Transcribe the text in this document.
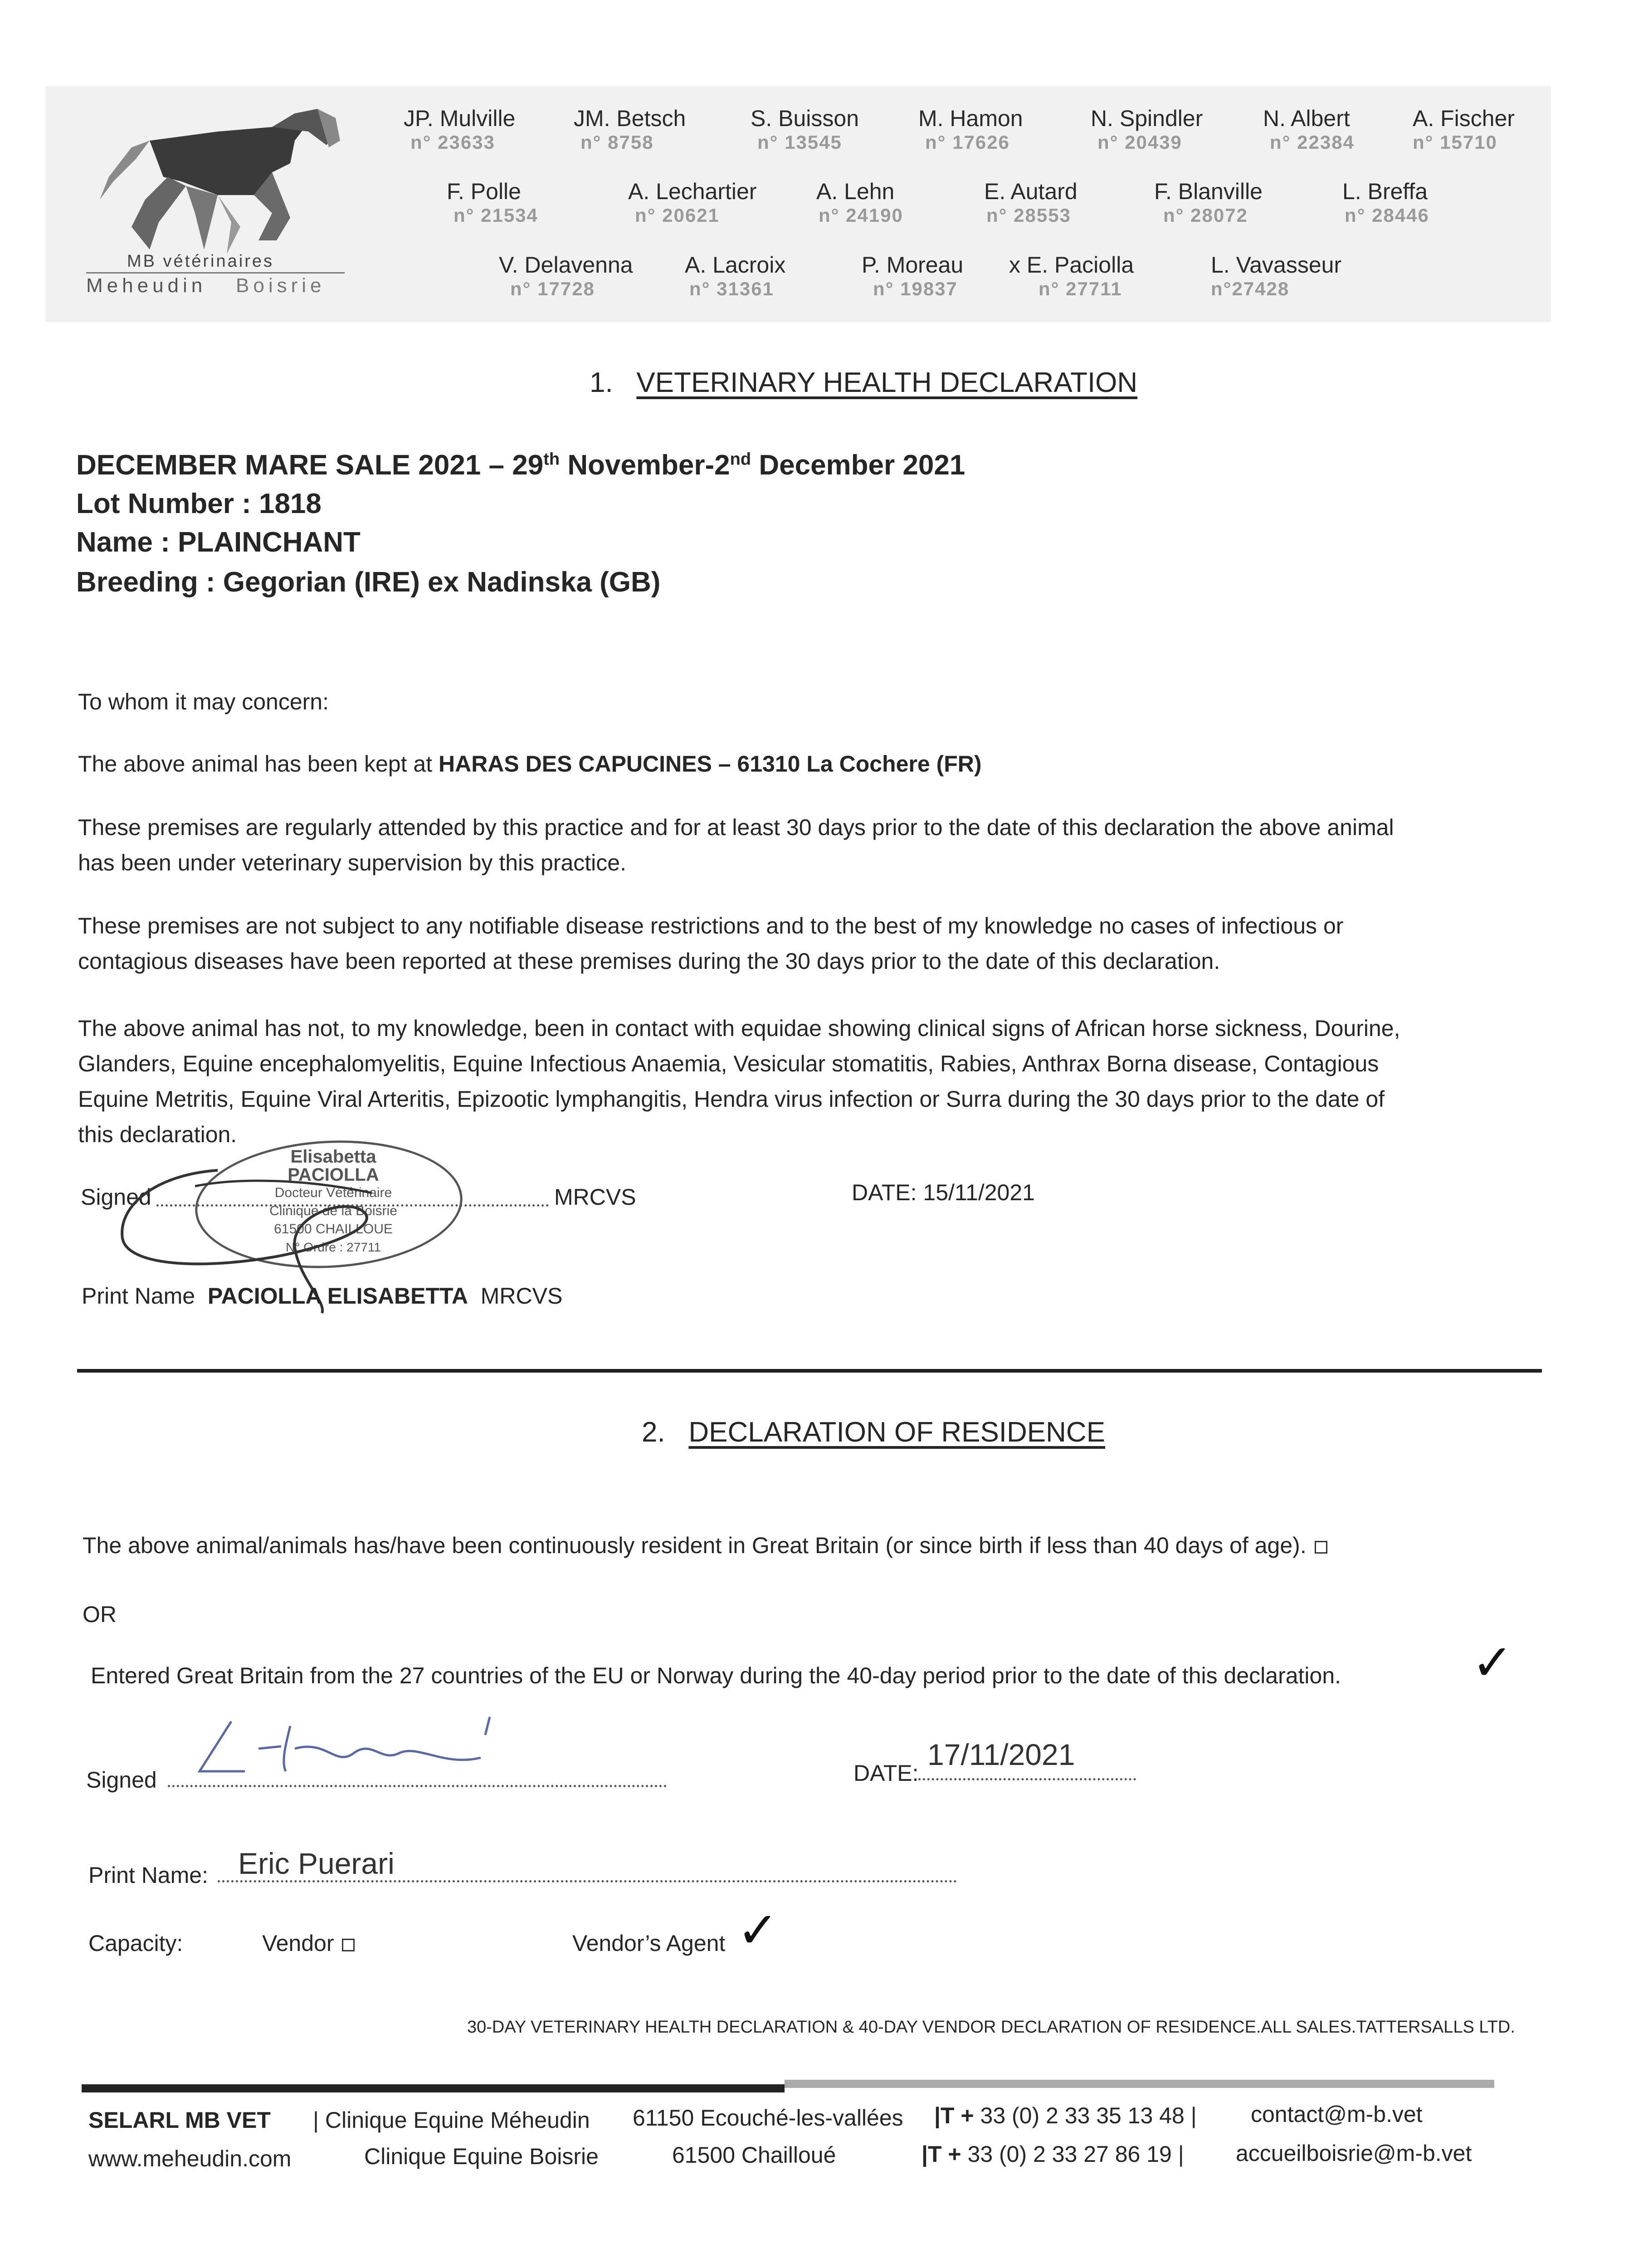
MB vétérinaires
Meheudin Boisrie
JP. Mulville
n° 23633
JM. Betsch
n° 8758
S. Buisson
n° 13545
M. Hamon
n° 17626
N. Spindler
n° 20439
N. Albert
n° 22384
A. Fischer
n° 15710
F. Polle
n° 21534
A. Lechartier
n° 20621
A. Lehn
n° 24190
E. Autard
n° 28553
F. Blanville
n° 28072
L. Breffa
n° 28446
V. Delavenna
n° 17728
A. Lacroix
n° 31361
P. Moreau
n° 19837
x E. Paciolla
n° 27711
L. Vavasseur
n°27428
1. VETERINARY HEALTH DECLARATION
DECEMBER MARE SALE 2021 – 29th November-2nd December 2021
Lot Number : 1818
Name : PLAINCHANT
Breeding : Gegorian (IRE) ex Nadinska (GB)
To whom it may concern:
The above animal has been kept at HARAS DES CAPUCINES – 61310 La Cochere (FR)
These premises are regularly attended by this practice and for at least 30 days prior to the date of this declaration the above animal
has been under veterinary supervision by this practice.
These premises are not subject to any notifiable disease restrictions and to the best of my knowledge no cases of infectious or
contagious diseases have been reported at these premises during the 30 days prior to the date of this declaration.
The above animal has not, to my knowledge, been in contact with equidae showing clinical signs of African horse sickness, Dourine,
Glanders, Equine encephalomyelitis, Equine Infectious Anaemia, Vesicular stomatitis, Rabies, Anthrax Borna disease, Contagious
Equine Metritis, Equine Viral Arteritis, Epizootic lymphangitis, Hendra virus infection or Surra during the 30 days prior to the date of
this declaration.
Signed	MRCVS	DATE: 15/11/2021
Elisabetta PACIOLLA
Docteur Vétérinaire
Clinique de la Boisrie
61500 CHAILLOUE
N° Ordre : 27711
Print Name PACIOLLA ELISABETTA MRCVS
2. DECLARATION OF RESIDENCE
The above animal/animals has/have been continuously resident in Great Britain (or since birth if less than 40 days of age).
OR
Entered Great Britain from the 27 countries of the EU or Norway during the 40-day period prior to the date of this declaration.	✓
Signed	DATE:
17/11/2021
Print Name: Eric Puerari
Capacity:	Vendor	Vendor’s Agent ✓
30-DAY VETERINARY HEALTH DECLARATION & 40-DAY VENDOR DECLARATION OF RESIDENCE.ALL SALES.TATTERSALLS LTD.
SELARL MB VET | Clinique Equine Méheudin 61150 Ecouché-les-vallées |T + 33 (0) 2 33 35 13 48 | contact@m-b.vet
www.meheudin.com	Clinique Equine Boisrie	61500 Chailloué	|T + 33 (0) 2 33 27 86 19 | accueilboisrie@m-b.vet
